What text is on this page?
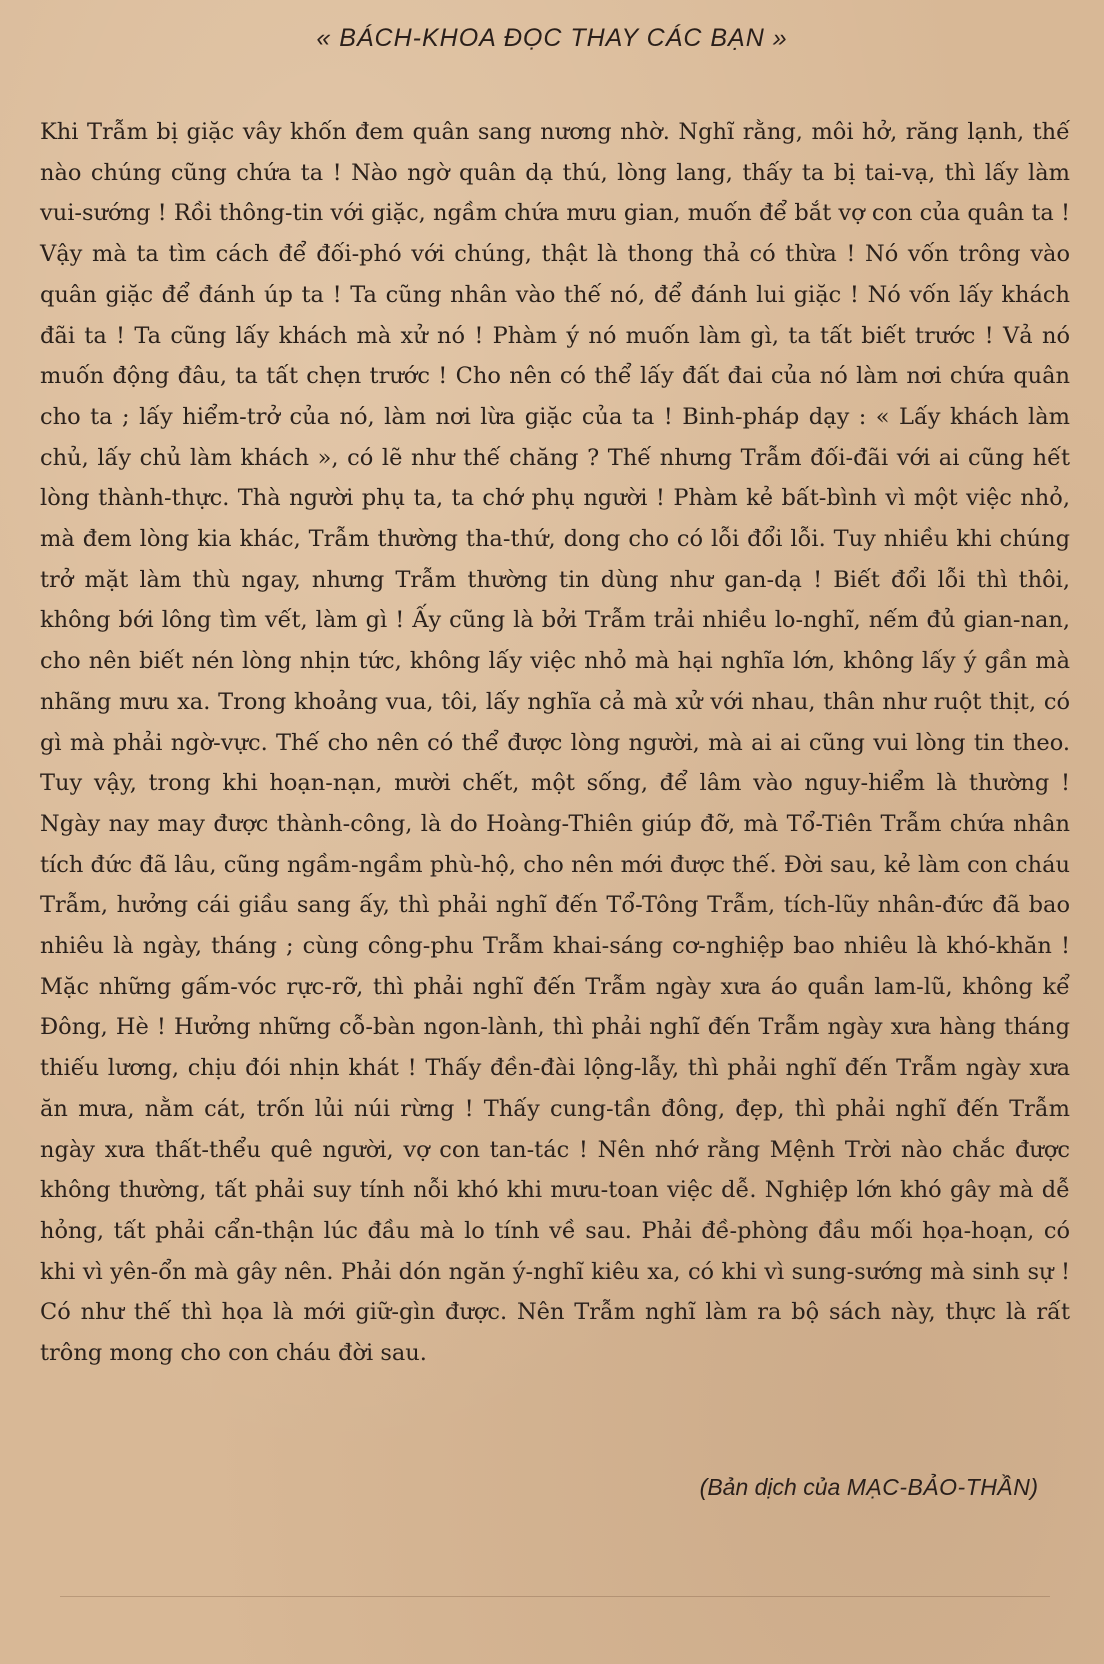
« BÁCH-KHOA ĐỌC THAY CÁC BẠN »

Khi Trẫm bị giặc vây khốn đem quân sang nương nhờ. Nghĩ rằng, môi hở, răng lạnh, thế nào chúng cũng chứa ta ! Nào ngờ quân dạ thú, lòng lang, thấy ta bị tai-vạ, thì lấy làm vui-sướng ! Rồi thông-tin với giặc, ngầm chứa mưu gian, muốn để bắt vợ con của quân ta ! Vậy mà ta tìm cách để đối-phó với chúng, thật là thong thả có thừa ! Nó vốn trông vào quân giặc để đánh úp ta ! Ta cũng nhân vào thế nó, để đánh lui giặc ! Nó vốn lấy khách đãi ta ! Ta cũng lấy khách mà xử nó ! Phàm ý nó muốn làm gì, ta tất biết trước ! Vả nó muốn động đâu, ta tất chẹn trước ! Cho nên có thể lấy đất đai của nó làm nơi chứa quân cho ta ; lấy hiểm-trở của nó, làm nơi lừa giặc của ta ! Binh-pháp dạy : « Lấy khách làm chủ, lấy chủ làm khách », có lẽ như thế chăng ? Thế nhưng Trẫm đối-đãi với ai cũng hết lòng thành-thực. Thà người phụ ta, ta chớ phụ người ! Phàm kẻ bất-bình vì một việc nhỏ, mà đem lòng kia khác, Trẫm thường tha-thứ, dong cho có lỗi đổi lỗi. Tuy nhiều khi chúng trở mặt làm thù ngay, nhưng Trẫm thường tin dùng như gan-dạ ! Biết đổi lỗi thì thôi, không bới lông tìm vết, làm gì ! Ấy cũng là bởi Trẫm trải nhiều lo-nghĩ, nếm đủ gian-nan, cho nên biết nén lòng nhịn tức, không lấy việc nhỏ mà hại nghĩa lớn, không lấy ý gần mà nhãng mưu xa. Trong khoảng vua, tôi, lấy nghĩa cả mà xử với nhau, thân như ruột thịt, có gì mà phải ngờ-vực. Thế cho nên có thể được lòng người, mà ai ai cũng vui lòng tin theo. Tuy vậy, trong khi hoạn-nạn, mười chết, một sống, để lâm vào nguy-hiểm là thường ! Ngày nay may được thành-công, là do Hoàng-Thiên giúp đỡ, mà Tổ-Tiên Trẫm chứa nhân tích đức đã lâu, cũng ngầm-ngầm phù-hộ, cho nên mới được thế. Đời sau, kẻ làm con cháu Trẫm, hưởng cái giầu sang ấy, thì phải nghĩ đến Tổ-Tông Trẫm, tích-lũy nhân-đức đã bao nhiêu là ngày, tháng ; cùng công-phu Trẫm khai-sáng cơ-nghiệp bao nhiêu là khó-khăn ! Mặc những gấm-vóc rực-rỡ, thì phải nghĩ đến Trẫm ngày xưa áo quần lam-lũ, không kể Đông, Hè ! Hưởng những cỗ-bàn ngon-lành, thì phải nghĩ đến Trẫm ngày xưa hàng tháng thiếu lương, chịu đói nhịn khát ! Thấy đền-đài lộng-lẫy, thì phải nghĩ đến Trẫm ngày xưa ăn mưa, nằm cát, trốn lủi núi rừng ! Thấy cung-tần đông, đẹp, thì phải nghĩ đến Trẫm ngày xưa thất-thểu quê người, vợ con tan-tác ! Nên nhớ rằng Mệnh Trời nào chắc được không thường, tất phải suy tính nỗi khó khi mưu-toan việc dễ. Nghiệp lớn khó gây mà dễ hỏng, tất phải cẩn-thận lúc đầu mà lo tính về sau. Phải đề-phòng đầu mối họa-hoạn, có khi vì yên-ổn mà gây nên. Phải dón ngăn ý-nghĩ kiêu xa, có khi vì sung-sướng mà sinh sự ! Có như thế thì họa là mới giữ-gìn được. Nên Trẫm nghĩ làm ra bộ sách này, thực là rất trông mong cho con cháu đời sau.

(Bản dịch của MẠC-BẢO-THẦN)
